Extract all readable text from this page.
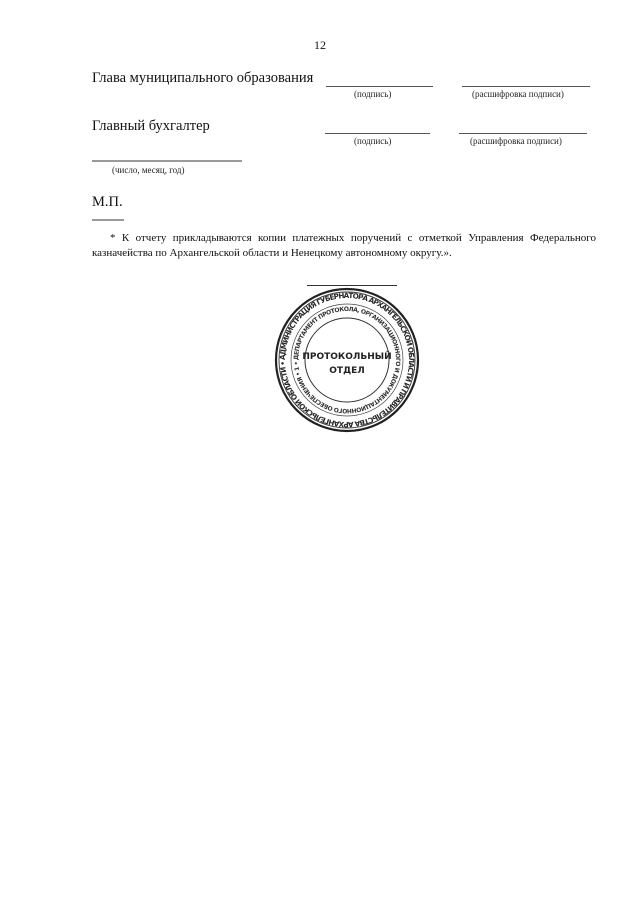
12
Глава муниципального образования
(подпись)	(расшифровка подписи)
Главный бухгалтер
(подпись)	(расшифровка подписи)
(число, месяц, год)
М.П.
* К отчету прикладываются копии платежных поручений с отметкой Управления Федерального казначейства по Архангельской области и Ненецкому автономному округу.».
АДМИНИСТРАЦИЯ ГУБЕРНАТОРА АРХАНГЕЛЬСКОЙ ОБЛАСТИ И ПРАВИТЕЛЬСТВА АРХАНГЕЛЬСКОЙ ОБЛАСТИ •
ДЕПАРТАМЕНТ ПРОТОКОЛА, ОРГАНИЗАЦИОННОГО И ДОКУМЕНТАЦИОННОГО ОБЕСПЕЧЕНИЯ • 1 •
ПРОТОКОЛЬНЫЙ
ОТДЕЛ
